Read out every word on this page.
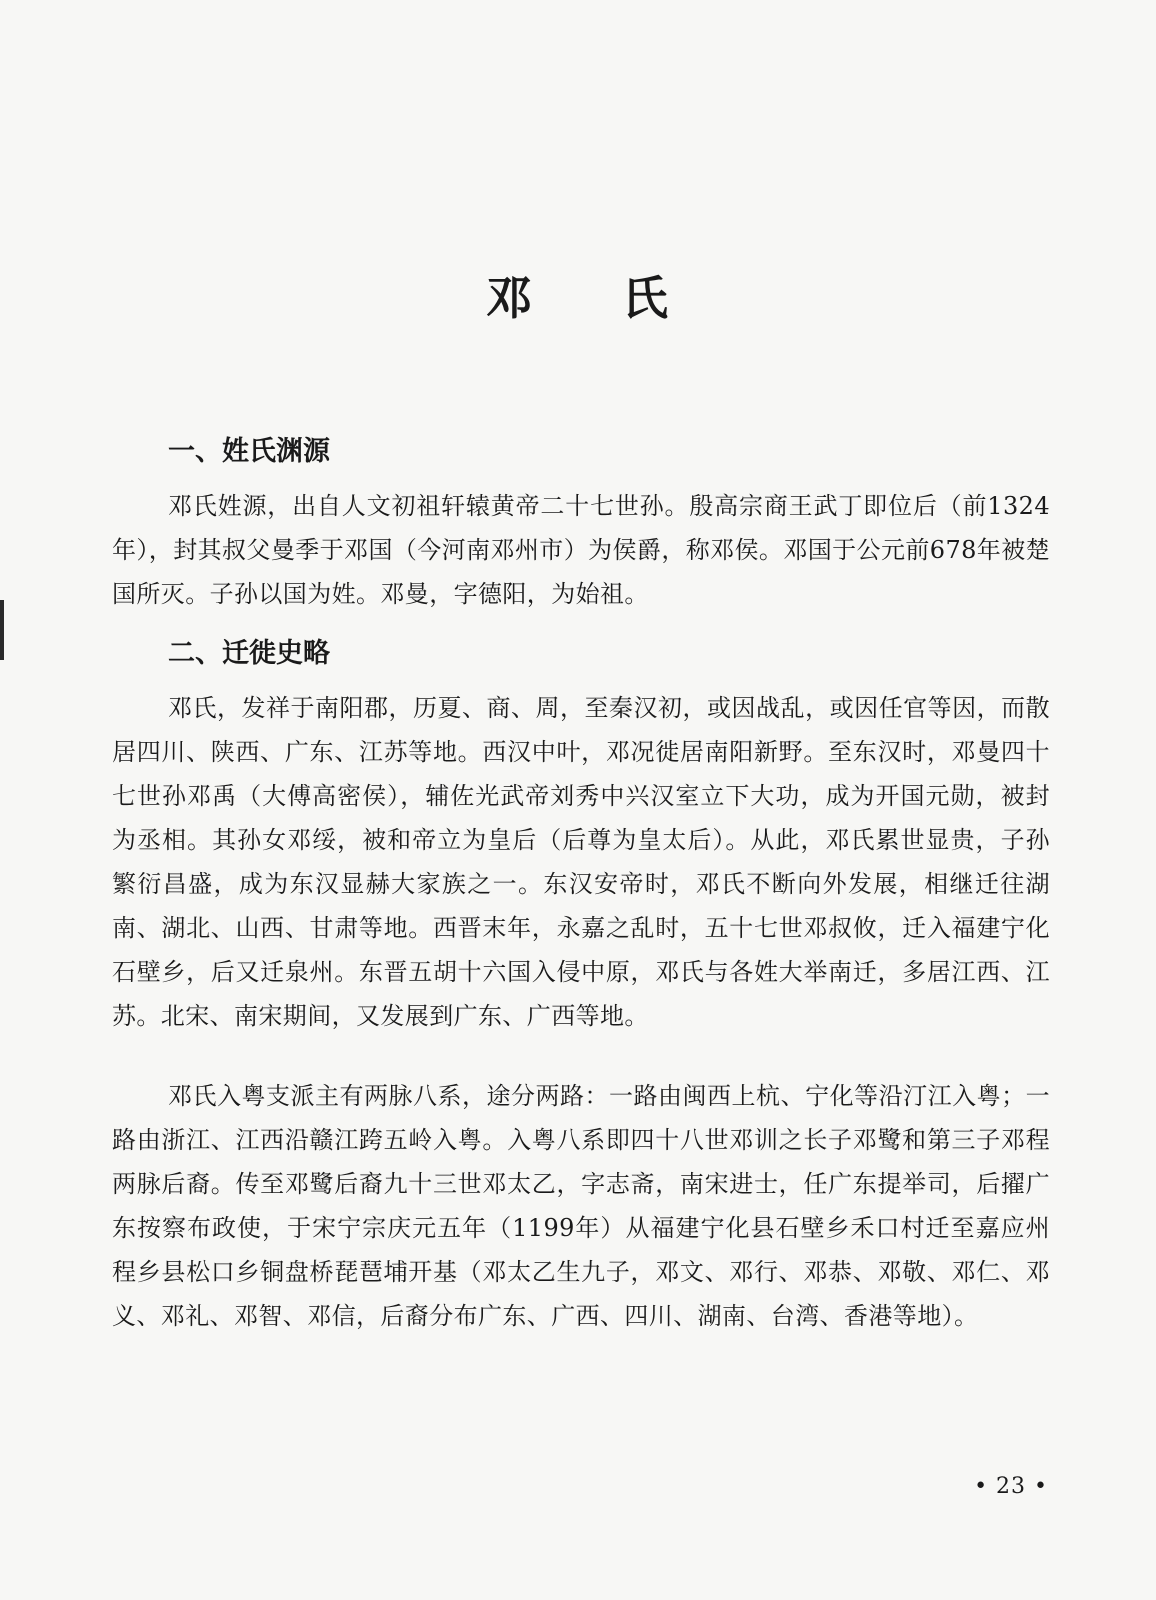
邓 氏
一、姓氏渊源

邓氏姓源，出自人文初祖轩辕黄帝二十七世孙。殷高宗商王武丁即位后（前1324年），封其叔父曼季于邓国（今河南邓州市）为侯爵，称邓侯。邓国于公元前678年被楚国所灭。子孙以国为姓。邓曼，字德阳，为始祖。

二、迁徙史略

邓氏，发祥于南阳郡，历夏、商、周，至秦汉初，或因战乱，或因任官等因，而散居四川、陕西、广东、江苏等地。西汉中叶，邓况徙居南阳新野。至东汉时，邓曼四十七世孙邓禹（大傅高密侯），辅佐光武帝刘秀中兴汉室立下大功，成为开国元勋，被封为丞相。其孙女邓绥，被和帝立为皇后（后尊为皇太后）。从此，邓氏累世显贵，子孙繁衍昌盛，成为东汉显赫大家族之一。东汉安帝时，邓氏不断向外发展，相继迁往湖南、湖北、山西、甘肃等地。西晋末年，永嘉之乱时，五十七世邓叔攸，迁入福建宁化石壁乡，后又迁泉州。东晋五胡十六国入侵中原，邓氏与各姓大举南迁，多居江西、江苏。北宋、南宋期间，又发展到广东、广西等地。

邓氏入粤支派主有两脉八系，途分两路：一路由闽西上杭、宁化等沿汀江入粤；一路由浙江、江西沿赣江跨五岭入粤。入粤八系即四十八世邓训之长子邓鹭和第三子邓程两脉后裔。传至邓鹭后裔九十三世邓太乙，字志斋，南宋进士，任广东提举司，后擢广东按察布政使，于宋宁宗庆元五年（1199年）从福建宁化县石壁乡禾口村迁至嘉应州程乡县松口乡铜盘桥琵琶埔开基（邓太乙生九子，邓文、邓行、邓恭、邓敬、邓仁、邓义、邓礼、邓智、邓信，后裔分布广东、广西、四川、湖南、台湾、香港等地）。

• 23 •
